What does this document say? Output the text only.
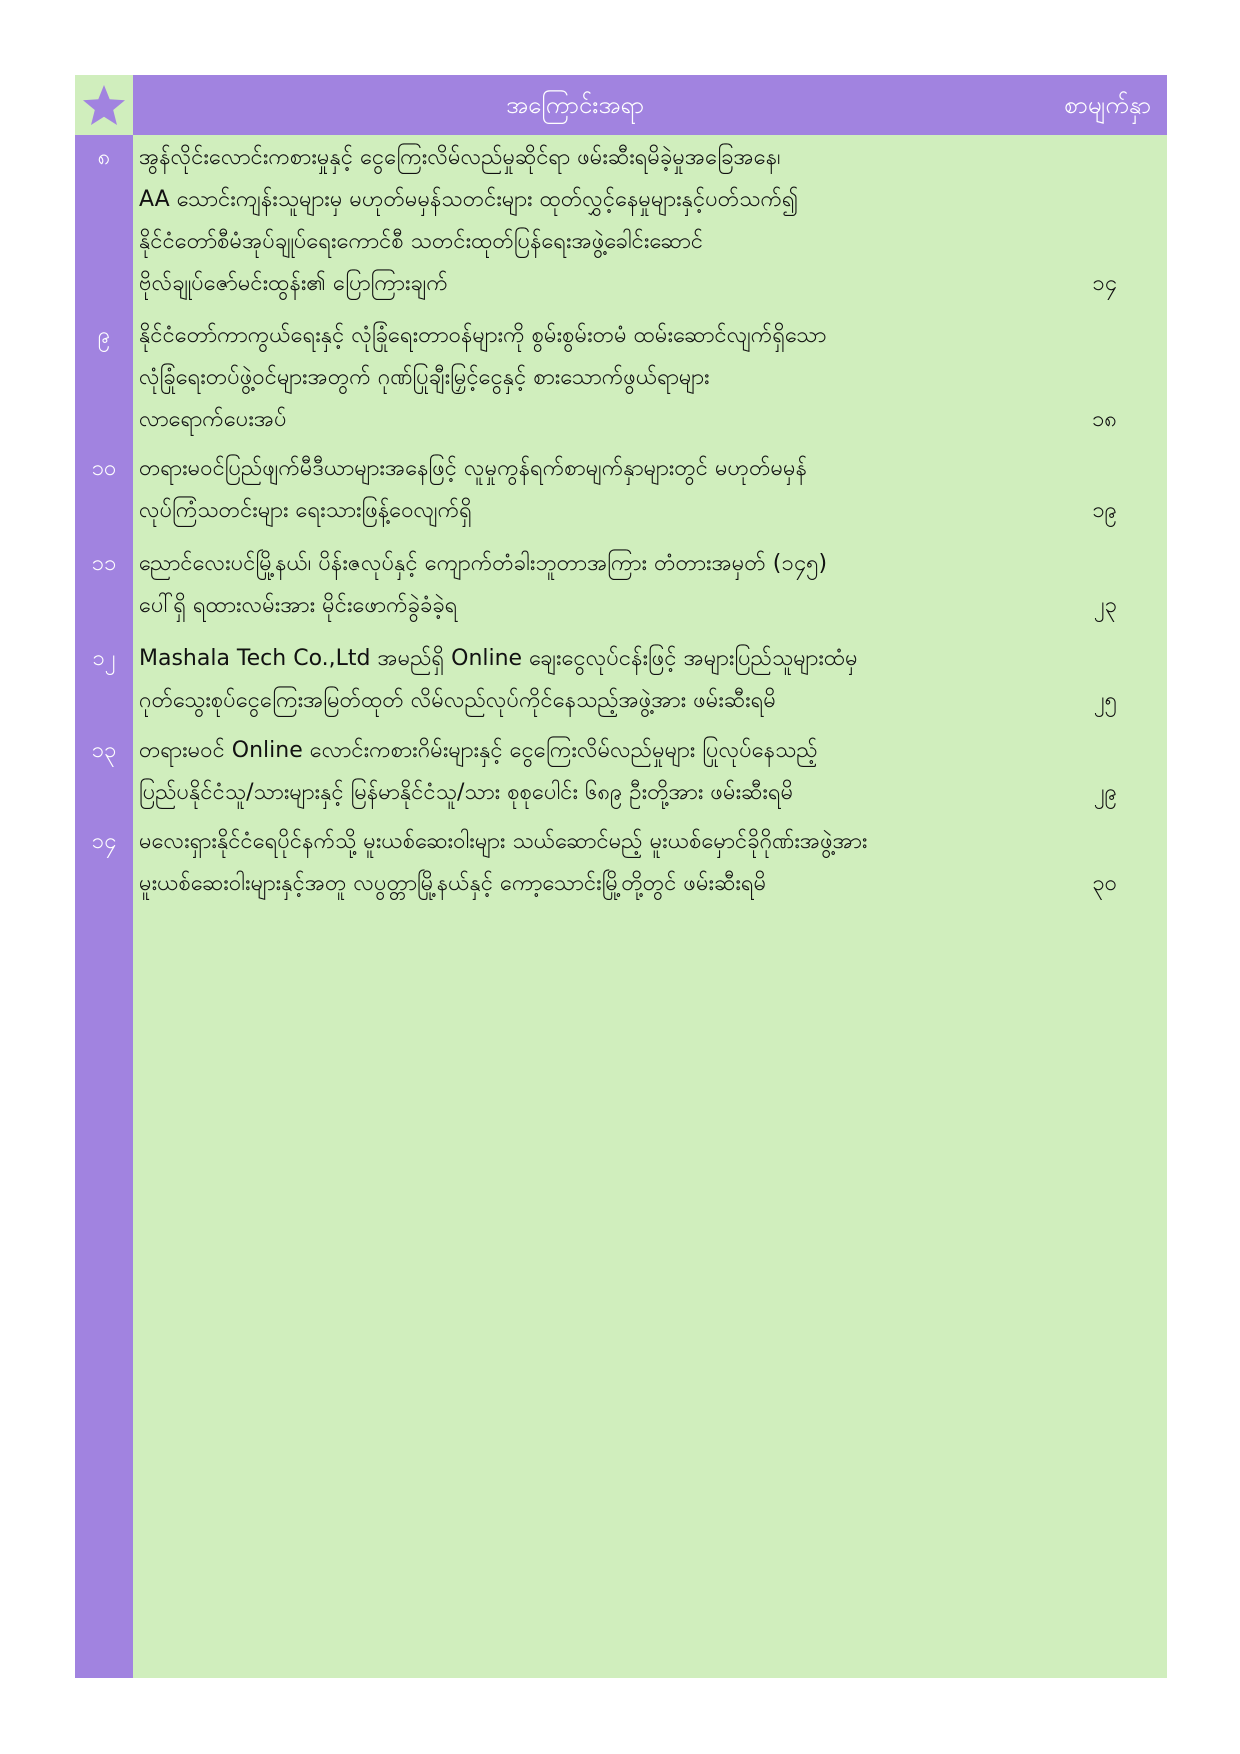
အကြောင်းအရာ	စာမျက်နှာ
၈	အွန်လိုင်းလောင်းကစားမှုနှင့် ငွေကြေးလိမ်လည်မှုဆိုင်ရာ ဖမ်းဆီးရမိခဲ့မှုအခြေအနေ၊
AA သောင်းကျန်းသူများမှ မဟုတ်မမှန်သတင်းများ ထုတ်လွှင့်နေမှုများနှင့်ပတ်သက်၍
နိုင်ငံတော်စီမံအုပ်ချုပ်ရေးကောင်စီ သတင်းထုတ်ပြန်ရေးအဖွဲ့ခေါင်းဆောင်
ဗိုလ်ချုပ်ဇော်မင်းထွန်း၏ ပြောကြားချက်	၁၄
၉	နိုင်ငံတော်ကာကွယ်ရေးနှင့် လုံခြုံရေးတာဝန်များကို စွမ်းစွမ်းတမံ ထမ်းဆောင်လျက်ရှိသော
လုံခြုံရေးတပ်ဖွဲ့ဝင်များအတွက် ဂုဏ်ပြုချီးမြှင့်ငွေနှင့် စားသောက်ဖွယ်ရာများ
လာရောက်ပေးအပ်	၁၈
၁၀	တရားမဝင်ပြည်ဖျက်မီဒီယာများအနေဖြင့် လူမှုကွန်ရက်စာမျက်နှာများတွင် မဟုတ်မမှန်
လုပ်ကြံသတင်းများ ရေးသားဖြန့်ဝေလျက်ရှိ	၁၉
၁၁	ညောင်လေးပင်မြို့နယ်၊ ပိန်းဇလုပ်နှင့် ကျောက်တံခါးဘူတာအကြား တံတားအမှတ် (၁၄၅)
ပေါ်ရှိ ရထားလမ်းအား မိုင်းဖောက်ခွဲခံခဲ့ရ	၂၃
၁၂	Mashala Tech Co.,Ltd အမည်ရှိ Online ချေးငွေလုပ်ငန်းဖြင့် အများပြည်သူများထံမှ
ဂုတ်သွေးစုပ်ငွေကြေးအမြတ်ထုတ် လိမ်လည်လုပ်ကိုင်နေသည့်အဖွဲ့အား ဖမ်းဆီးရမိ	၂၅
၁၃	တရားမဝင် Online လောင်းကစားဂိမ်းများနှင့် ငွေကြေးလိမ်လည်မှုများ ပြုလုပ်နေသည့်
ပြည်ပနိုင်ငံသူ/သားများနှင့် မြန်မာနိုင်ငံသူ/သား စုစုပေါင်း ၆၈၉ ဦးတို့အား ဖမ်းဆီးရမိ	၂၉
၁၄	မလေးရှားနိုင်ငံရေပိုင်နက်သို့ မူးယစ်ဆေးဝါးများ သယ်ဆောင်မည့် မူးယစ်မှောင်ခိုဂိုဏ်းအဖွဲ့အား
မူးယစ်ဆေးဝါးများနှင့်အတူ လပွတ္တာမြို့နယ်နှင့် ကော့သောင်းမြို့တို့တွင် ဖမ်းဆီးရမိ	၃၀
